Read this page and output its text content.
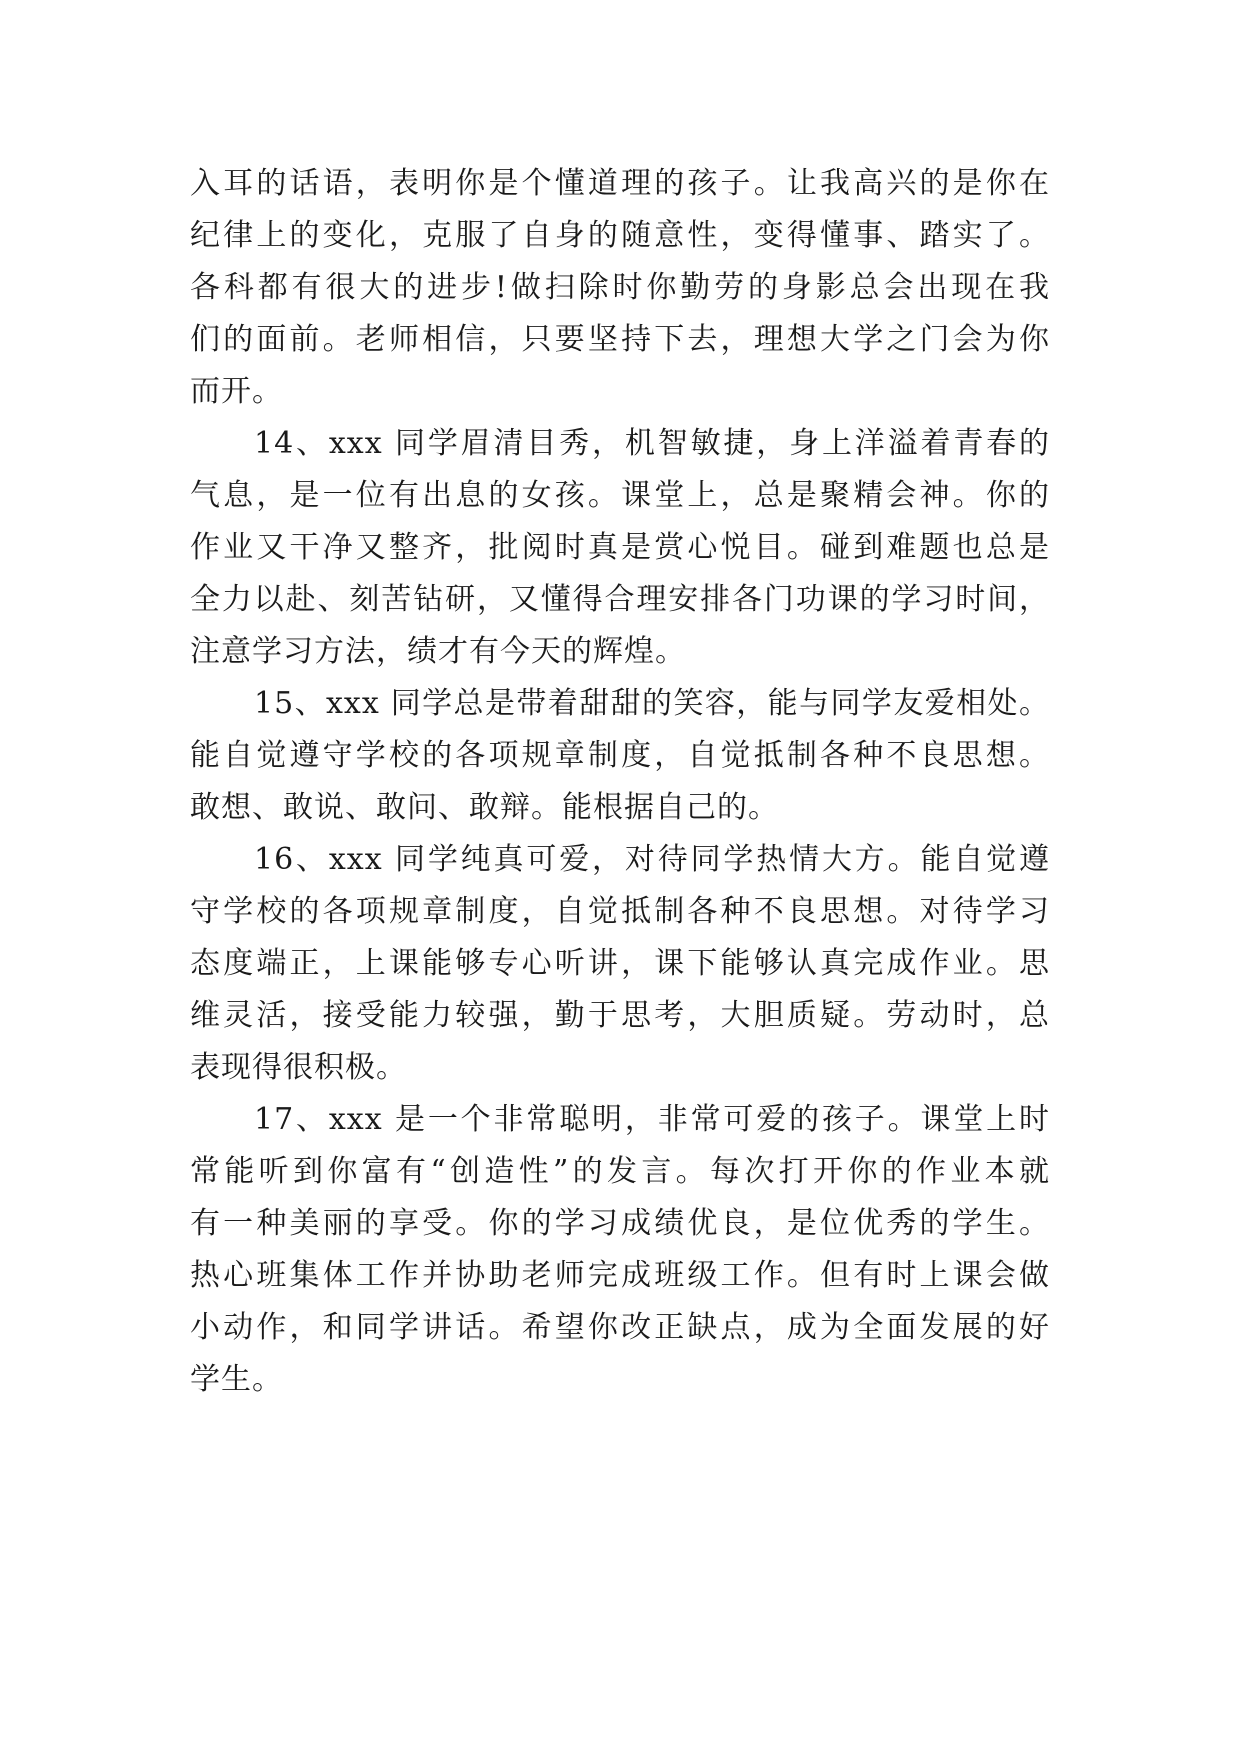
入耳的话语，表明你是个懂道理的孩子。让我高兴的是你在
纪律上的变化，克服了自身的随意性，变得懂事、踏实了。
各科都有很大的进步!做扫除时你勤劳的身影总会出现在我
们的面前。老师相信，只要坚持下去，理想大学之门会为你
而开。
14、xxx 同学眉清目秀，机智敏捷，身上洋溢着青春的
气息，是一位有出息的女孩。课堂上，总是聚精会神。你的
作业又干净又整齐，批阅时真是赏心悦目。碰到难题也总是
全力以赴、刻苦钻研，又懂得合理安排各门功课的学习时间，
注意学习方法，绩才有今天的辉煌。
15、xxx 同学总是带着甜甜的笑容，能与同学友爱相处。
能自觉遵守学校的各项规章制度，自觉抵制各种不良思想。
敢想、敢说、敢问、敢辩。能根据自己的。
16、xxx 同学纯真可爱，对待同学热情大方。能自觉遵
守学校的各项规章制度，自觉抵制各种不良思想。对待学习
态度端正，上课能够专心听讲，课下能够认真完成作业。思
维灵活，接受能力较强，勤于思考，大胆质疑。劳动时，总
表现得很积极。
17、xxx 是一个非常聪明，非常可爱的孩子。课堂上时
常能听到你富有“创造性”的发言。每次打开你的作业本就
有一种美丽的享受。你的学习成绩优良，是位优秀的学生。
热心班集体工作并协助老师完成班级工作。但有时上课会做
小动作，和同学讲话。希望你改正缺点，成为全面发展的好
学生。
